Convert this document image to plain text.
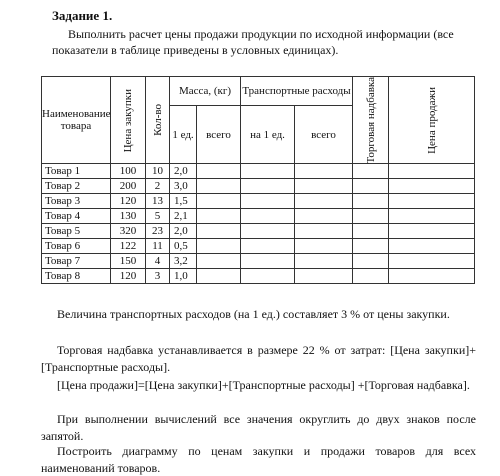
Задание 1.
Выполнить расчет цены продажи продукции по исходной информации (все показатели в таблице приведены в условных единицах).
Наименование товара	Цена закупки	Кол-во	Масса, (кг)		Транспортные расходы		Торговая надбавка	Цена продажи

			1 ед.	всего	на 1 ед.	всего		
Товар 1	100	10	2,0					
Товар 2	200	2	3,0					
Товар 3	120	13	1,5					
Товар 4	130	5	2,1					
Товар 5	320	23	2,0					
Товар 6	122	11	0,5					
Товар 7	150	4	3,2					
Товар 8	120	3	1,0					
Величина транспортных расходов (на 1 ед.) составляет 3 % от цены закупки.
Торговая надбавка устанавливается в размере 22 % от затрат: [Цена закупки]+[Транспортные расходы].
[Цена продажи]=[Цена закупки]+[Транспортные расходы] +[Торговая надбавка].
При выполнении вычислений все значения округлить до двух знаков после запятой.
Построить диаграмму по ценам закупки и продажи товаров для всех наименований товаров.
